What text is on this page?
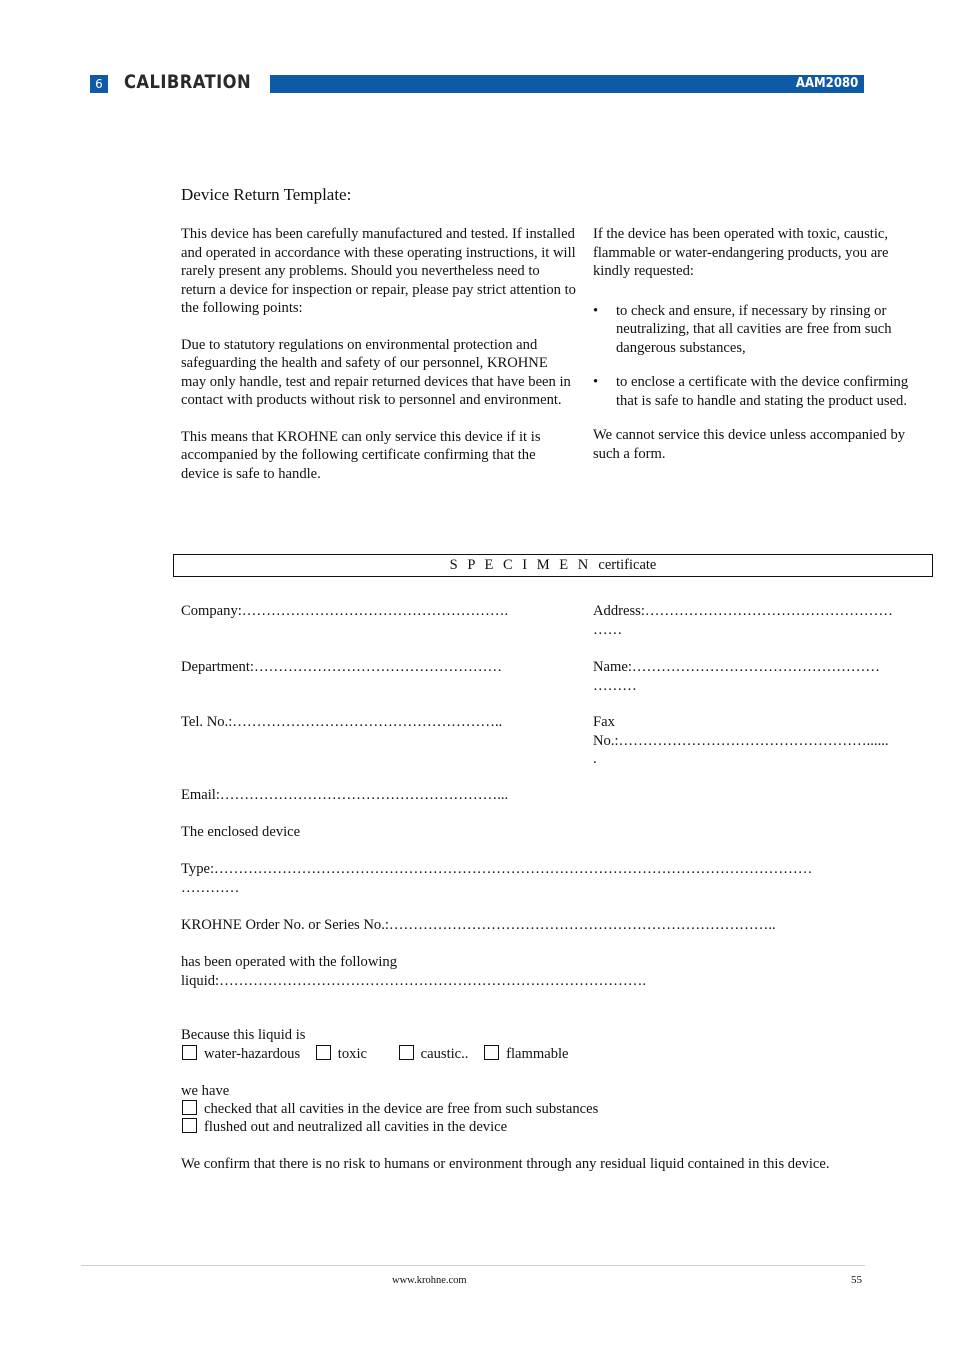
6 CALIBRATION	AAM2080
Device Return Template:

This device has been carefully manufactured and tested. If installed and operated in accordance with these operating instructions, it will rarely present any problems. Should you nevertheless need to return a device for inspection or repair, please pay strict attention to the following points:

Due to statutory regulations on environmental protection and safeguarding the health and safety of our personnel, KROHNE may only handle, test and repair returned devices that have been in contact with products without risk to personnel and environment.

This means that KROHNE can only service this device if it is accompanied by the following certificate confirming that the device is safe to handle.

If the device has been operated with toxic, caustic, flammable or water-endangering products, you are kindly requested:

• to check and ensure, if necessary by rinsing or neutralizing, that all cavities are free from such dangerous substances,
• to enclose a certificate with the device confirming that is safe to handle and stating the product used.

We cannot service this device unless accompanied by such a form.

S P E C I M E N certificate
Company:……………………………………………….	Address:……………………………………………
……
Department:……………………………………………	Name:……………………………………………
………
Tel. No.:………………………………………………..	Fax
No.:……………………………………………......
.
Email:…………………………………………………...
The enclosed device
Type:……………………………………………………………………………………………………………
…………
KROHNE Order No. or Series No.:……………………………………………………………………..
has been operated with the following
liquid:…………………………………………………………………………….
Because this liquid is
water-hazardous	toxic	caustic..	flammable
we have
checked that all cavities in the device are free from such substances
flushed out and neutralized all cavities in the device
We confirm that there is no risk to humans or environment through any residual liquid contained in this device.
www.krohne.com	55
